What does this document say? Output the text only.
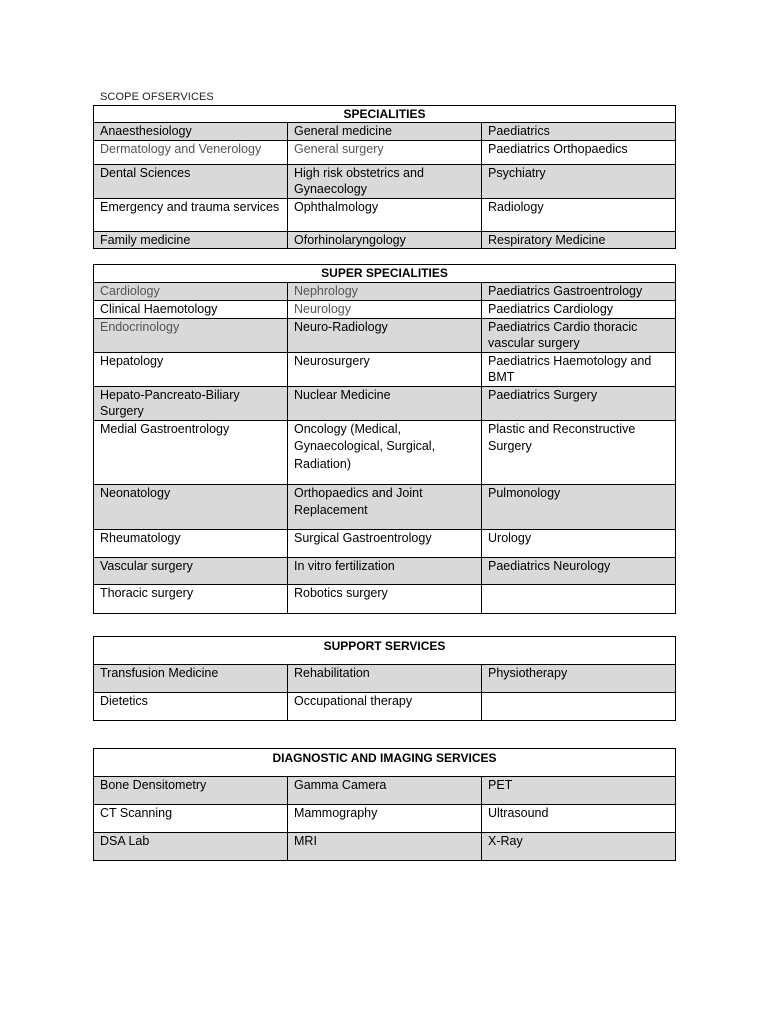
SCOPE OFSERVICES
SPECIALITIES		
Anaesthesiology	General medicine	Paediatrics
Dermatology and Venerology	General surgery	Paediatrics Orthopaedics
Dental Sciences	High risk obstetrics and Gynaecology	Psychiatry
Emergency and trauma services	Ophthalmology	Radiology
Family medicine	Oforhinolaryngology	Respiratory Medicine
SUPER SPECIALITIES		
Cardiology	Nephrology	Paediatrics Gastroentrology
Clinical Haemotology	Neurology	Paediatrics Cardiology
Endocrinology	Neuro-Radiology	Paediatrics Cardio thoracic vascular surgery
Hepatology	Neurosurgery	Paediatrics Haemotology and BMT
Hepato-Pancreato-Biliary Surgery	Nuclear Medicine	Paediatrics Surgery
Medial Gastroentrology	Oncology (Medical, Gynaecological, Surgical, Radiation)	Plastic and Reconstructive Surgery
Neonatology	Orthopaedics and Joint Replacement	Pulmonology
Rheumatology	Surgical Gastroentrology	Urology
Vascular surgery	In vitro fertilization	Paediatrics Neurology
Thoracic surgery	Robotics surgery	
SUPPORT SERVICES		
Transfusion Medicine	Rehabilitation	Physiotherapy
Dietetics	Occupational therapy	
DIAGNOSTIC AND IMAGING SERVICES		
Bone Densitometry	Gamma Camera	PET
CT Scanning	Mammography	Ultrasound
DSA Lab	MRI	X-Ray
